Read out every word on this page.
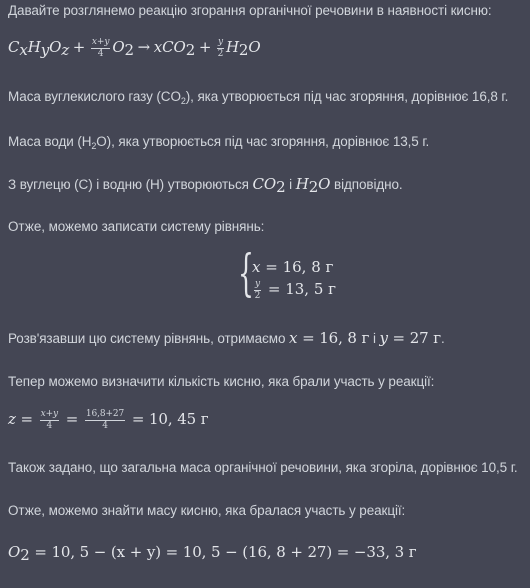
Давайте розглянемо реакцію згорання органічної речовини в наявності кисню:
$C_xH_yO_z + \frac{x+y}{4} O_2 \to xCO_2 + \frac{y}{2} H_2O$
Маса вуглекислого газу $(CO_2)$, яка утворюється під час згоряння, дорівнює 16,8 г.
Маса води $(H_2O)$, яка утворюється під час згоряння, дорівнює 13,5 г.
З вуглецю (C) і водню (H) утворюються $CO_2$ і $H_2O$ відповідно.
Отже, можемо записати систему рівнянь:
{
x = 16, 8 г
$\frac{y}{2} = 13$, 5 г
Розв'язавши цю систему рівнянь, отримаємо x = 16, 8 г і y = 27 г.
Тепер можемо визначити кількість кисню, яка брали участь у реакції:
$z = \frac{x+y}{4} = \frac{16,8+27}{4} = 10$, 45 г
Також задано, що загальна маса органічної речовини, яка згоріла, дорівнює 10,5 г.
Отже, можемо знайти масу кисню, яка бралася участь у реакції:
$O_2 = 10$, 5 − (x + y) = 10, 5 − (16, 8 + 27) = −33, 3 г
